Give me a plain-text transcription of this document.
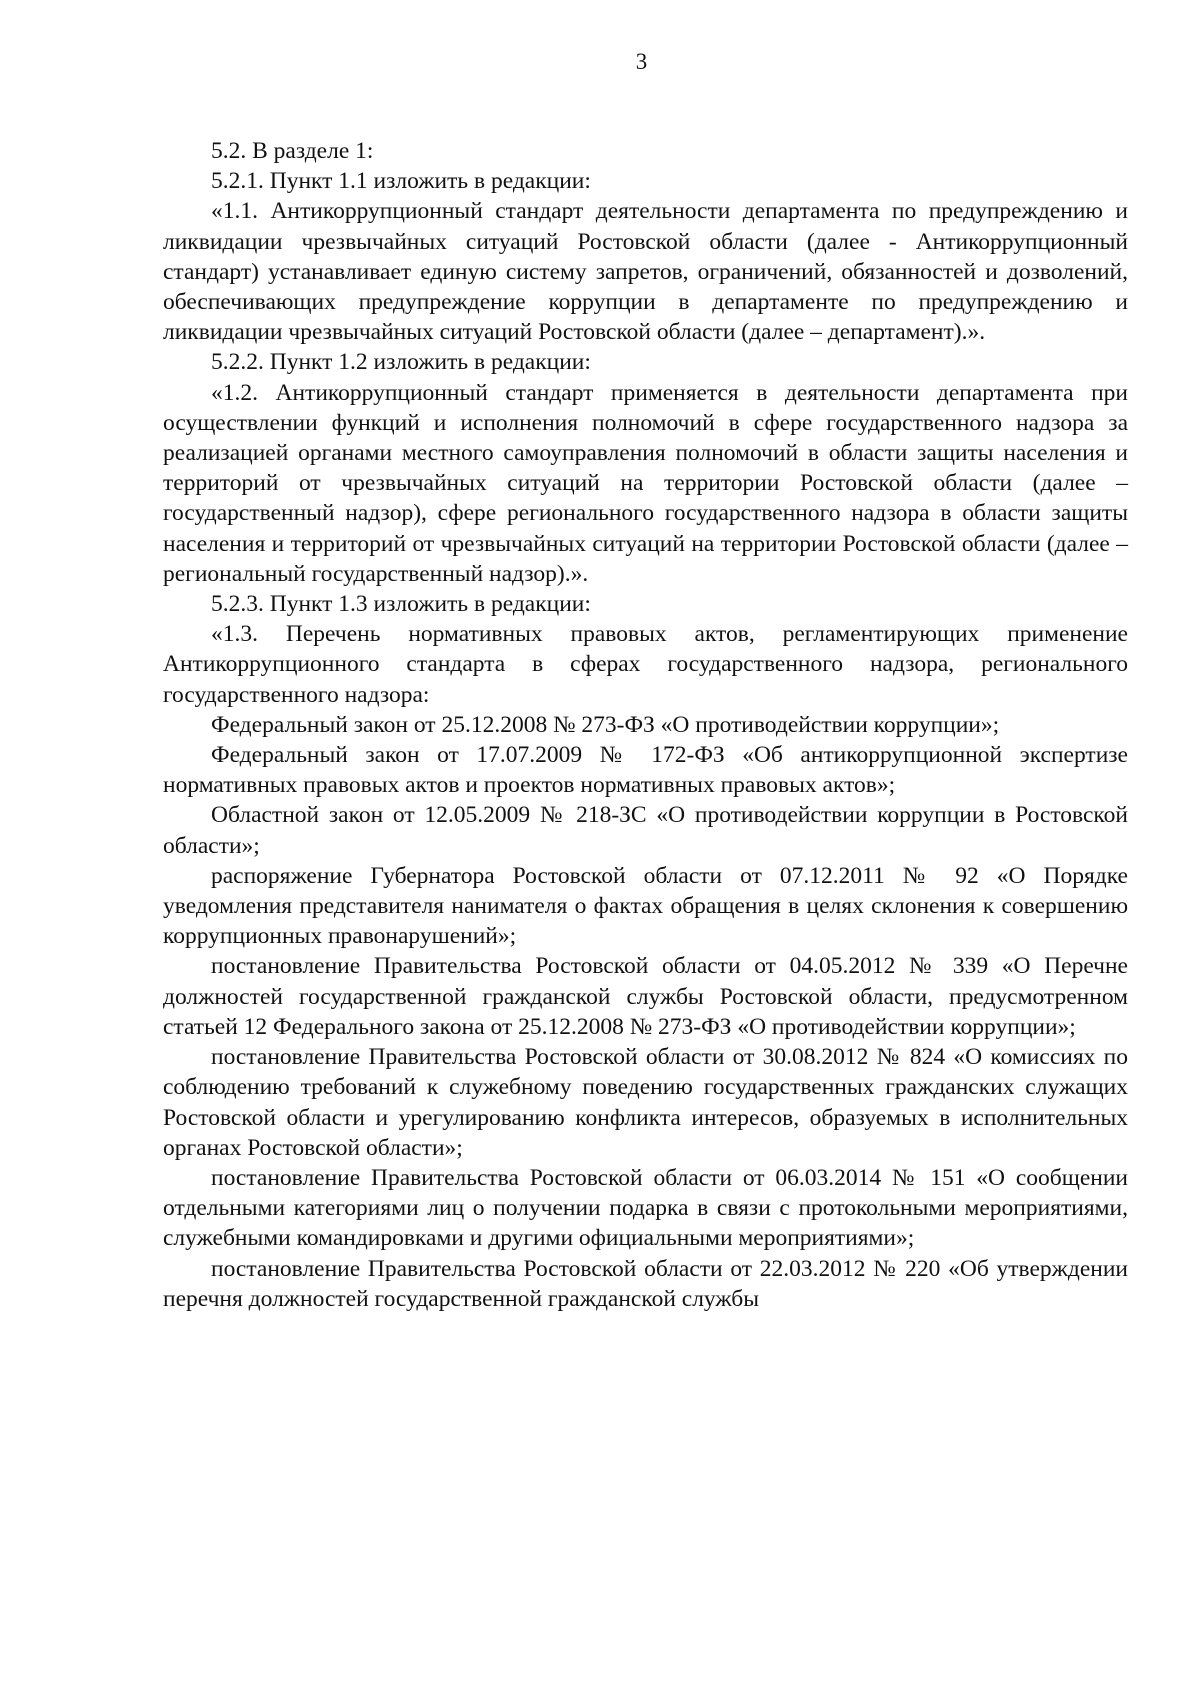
3

5.2. В разделе 1:

5.2.1. Пункт 1.1 изложить в редакции:

«1.1. Антикоррупционный стандарт деятельности департамента по предупреждению и ликвидации чрезвычайных ситуаций Ростовской области (далее - Антикоррупционный стандарт) устанавливает единую систему запретов, ограничений, обязанностей и дозволений, обеспечивающих предупреждение коррупции в департаменте по предупреждению и ликвидации чрезвычайных ситуаций Ростовской области (далее – департамент).».

5.2.2. Пункт 1.2 изложить в редакции:

«1.2. Антикоррупционный стандарт применяется в деятельности департамента при осуществлении функций и исполнения полномочий в сфере государственного надзора за реализацией органами местного самоуправления полномочий в области защиты населения и территорий от чрезвычайных ситуаций на территории Ростовской области (далее – государственный надзор), сфере регионального государственного надзора в области защиты населения и территорий от чрезвычайных ситуаций на территории Ростовской области (далее – региональный государственный надзор).».

5.2.3. Пункт 1.3 изложить в редакции:

«1.3. Перечень нормативных правовых актов, регламентирующих применение Антикоррупционного стандарта в сферах государственного надзора, регионального государственного надзора:

Федеральный закон от 25.12.2008 № 273-ФЗ «О противодействии коррупции»;

Федеральный закон от 17.07.2009 № 172-ФЗ «Об антикоррупционной экспертизе нормативных правовых актов и проектов нормативных правовых актов»;

Областной закон от 12.05.2009 № 218-ЗС «О противодействии коррупции в Ростовской области»;

распоряжение Губернатора Ростовской области от 07.12.2011 № 92 «О Порядке уведомления представителя нанимателя о фактах обращения в целях склонения к совершению коррупционных правонарушений»;

постановление Правительства Ростовской области от 04.05.2012 № 339 «О Перечне должностей государственной гражданской службы Ростовской области, предусмотренном статьей 12 Федерального закона от 25.12.2008 № 273-ФЗ «О противодействии коррупции»;

постановление Правительства Ростовской области от 30.08.2012 № 824 «О комиссиях по соблюдению требований к служебному поведению государственных гражданских служащих Ростовской области и урегулированию конфликта интересов, образуемых в исполнительных органах Ростовской области»;

постановление Правительства Ростовской области от 06.03.2014 № 151 «О сообщении отдельными категориями лиц о получении подарка в связи с протокольными мероприятиями, служебными командировками и другими официальными мероприятиями»;

постановление Правительства Ростовской области от 22.03.2012 № 220 «Об утверждении перечня должностей государственной гражданской службы
